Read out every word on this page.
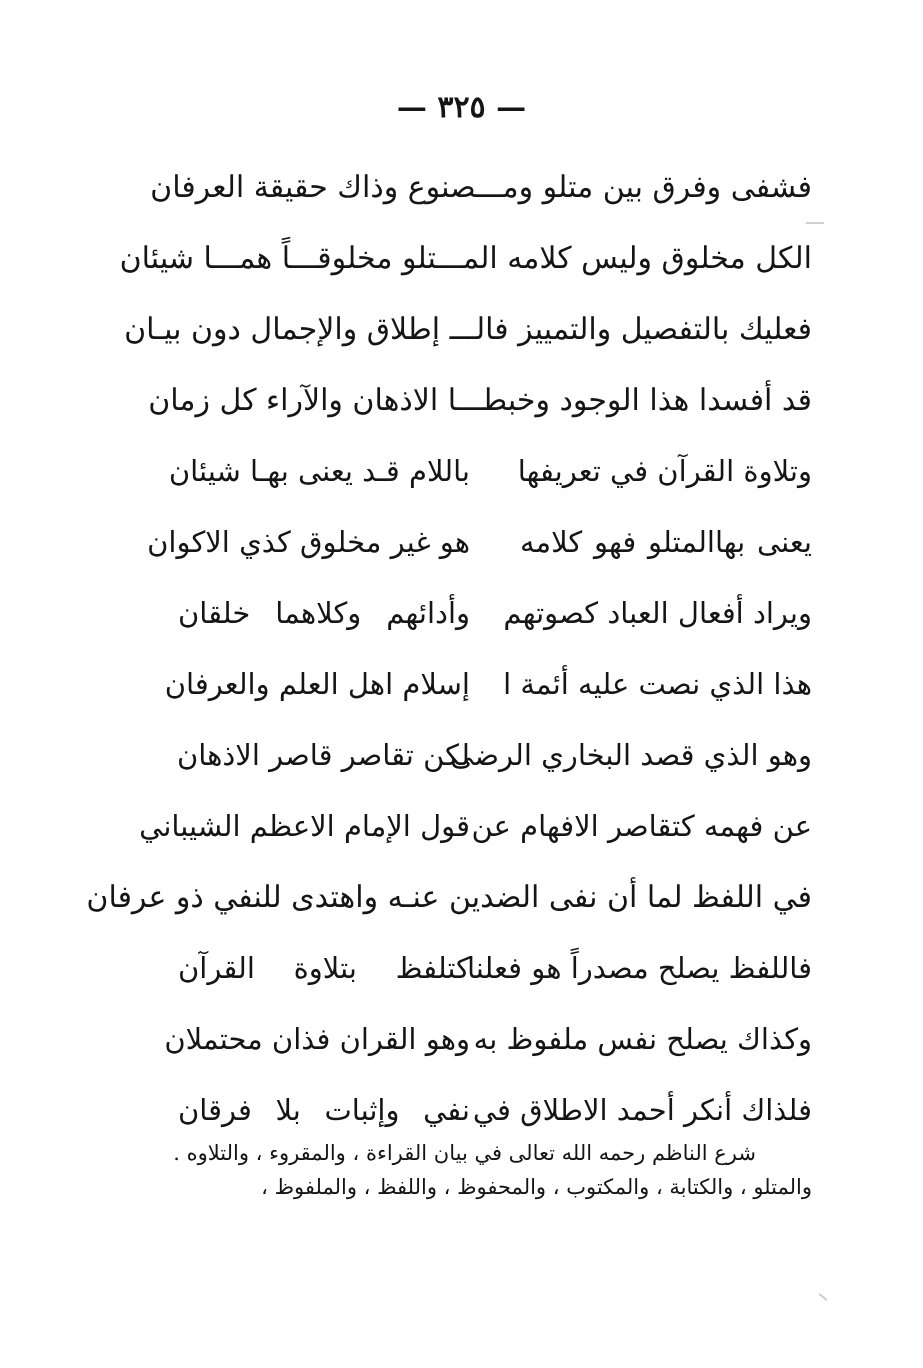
— ٣٢٥ —
فشفى وفرق بين متلو ومـــصنوع وذاك حقيقة العرفان
الكل مخلوق وليس كلامه المـــتلو مخلوقـــاً همـــا شيئان
فعليك بالتفصيل والتمييز فالـــ إطلاق والإجمال دون بيـان
قد أفسدا هذا الوجود وخبطـــا الاذهان والآراء كل زمان
وتلاوة القرآن في تعريفها
باللام قـد يعنى بهـا شيئان
يعنى بهاالمتلو فهو كلامه
هو غير مخلوق كذي الاكوان
ويراد أفعال العباد كصوتهم
وأدائهم وكلاهما خلقان
هذا الذي نصت عليه أئمة ا
إسلام اهل العلم والعرفان
وهو الذي قصد البخاري الرضى
لكن تقاصر قاصر الاذهان
عن فهمه كتقاصر الافهام عن
قول الإمام الاعظم الشيباني
في اللفظ لما أن نفى الضدين عنـه واهتدى للنفي ذو عرفان
فاللفظ يصلح مصدراً هو فعلنا
كتلفظ بتلاوة القرآن
وكذاك يصلح نفس ملفوظ به
وهو القران فذان محتملان
فلذاك أنكر أحمد الاطلاق في
نفي وإثبات بلا فرقان
شرع الناظم رحمه الله تعالى في بيان القراءة ، والمقروء ، والتلاوه .
والمتلو ، والكتابة ، والمكتوب ، والمحفوظ ، واللفظ ، والملفوظ ،
